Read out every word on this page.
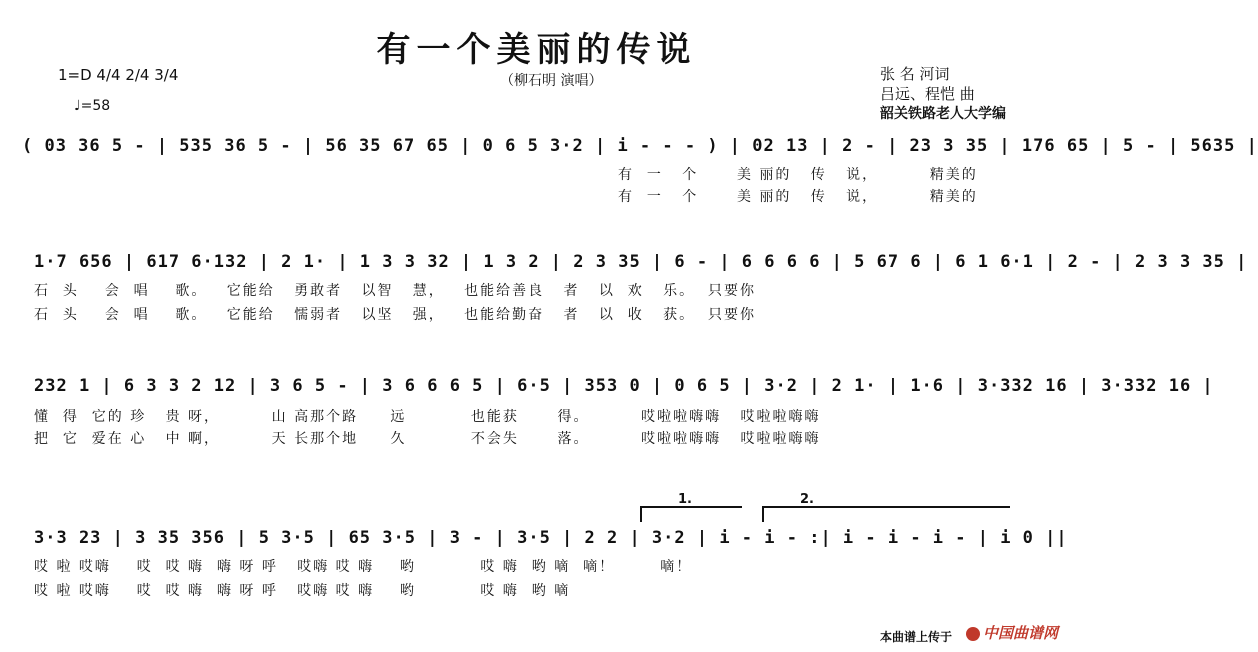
有一个美丽的传说
1=D 4/4 2/4 3/4	（柳石明 演唱）
♩=58
张 名 河词
吕远、程恺 曲
韶关铁路老人大学编
( 03 36 5 - | 535 36 5 - | 56 35 67 65 | 0 6 5 3·2 | i - - - ) | 02 13 | 2 - | 23 3 35 | 176 65 | 5 - | 5635 |
有  一   个      美 丽的   传   说，        精美的
有  一   个      美 丽的   传   说，        精美的
1·7 656 | 617 6·132 | 2 1· | 1 3 3 32 | 1 3 2 | 2 3 35 | 6 - | 6 6 6 6 | 5 67 6 | 6 1 6·1 | 2 - | 2 3 3 35 |
石  头    会  唱    歌。   它能给   勇敢者   以智   慧，   也能给善良   者   以  欢   乐。  只要你
石  头    会  唱    歌。   它能给   懦弱者   以坚   强，   也能给勤奋   者   以  收   获。  只要你
232 1 | 6 3 3 2 12 | 3 6 5 - | 3 6 6 6 5 | 6·5 | 353 0 | 0 6 5 | 3·2 | 2 1· | 1·6 | 3·332 16 | 3·332 16 |
懂  得  它的 珍   贵 呀，        山 高那个路     远          也能获      得。        哎啦啦嗨嗨   哎啦啦嗨嗨
把  它  爱在 心   中 啊，        天 长那个地     久          不会失      落。        哎啦啦嗨嗨   哎啦啦嗨嗨
1.	2.
3·3 23 | 3 35 356 | 5 3·5 | 65 3·5 | 3 - | 3·5 | 2 2 | 3·2 | i - i - :| i - i - i - | i 0 ||
哎 啦 哎嗨    哎  哎 嗨  嗨 呀 呼   哎嗨 哎 嗨    哟          哎 嗨  哟 嘀  嘀！       嘀！
哎 啦 哎嗨    哎  哎 嗨  嗨 呀 呼   哎嗨 哎 嗨    哟          哎 嗨  哟 嘀
本曲谱上传于	中国曲谱网
